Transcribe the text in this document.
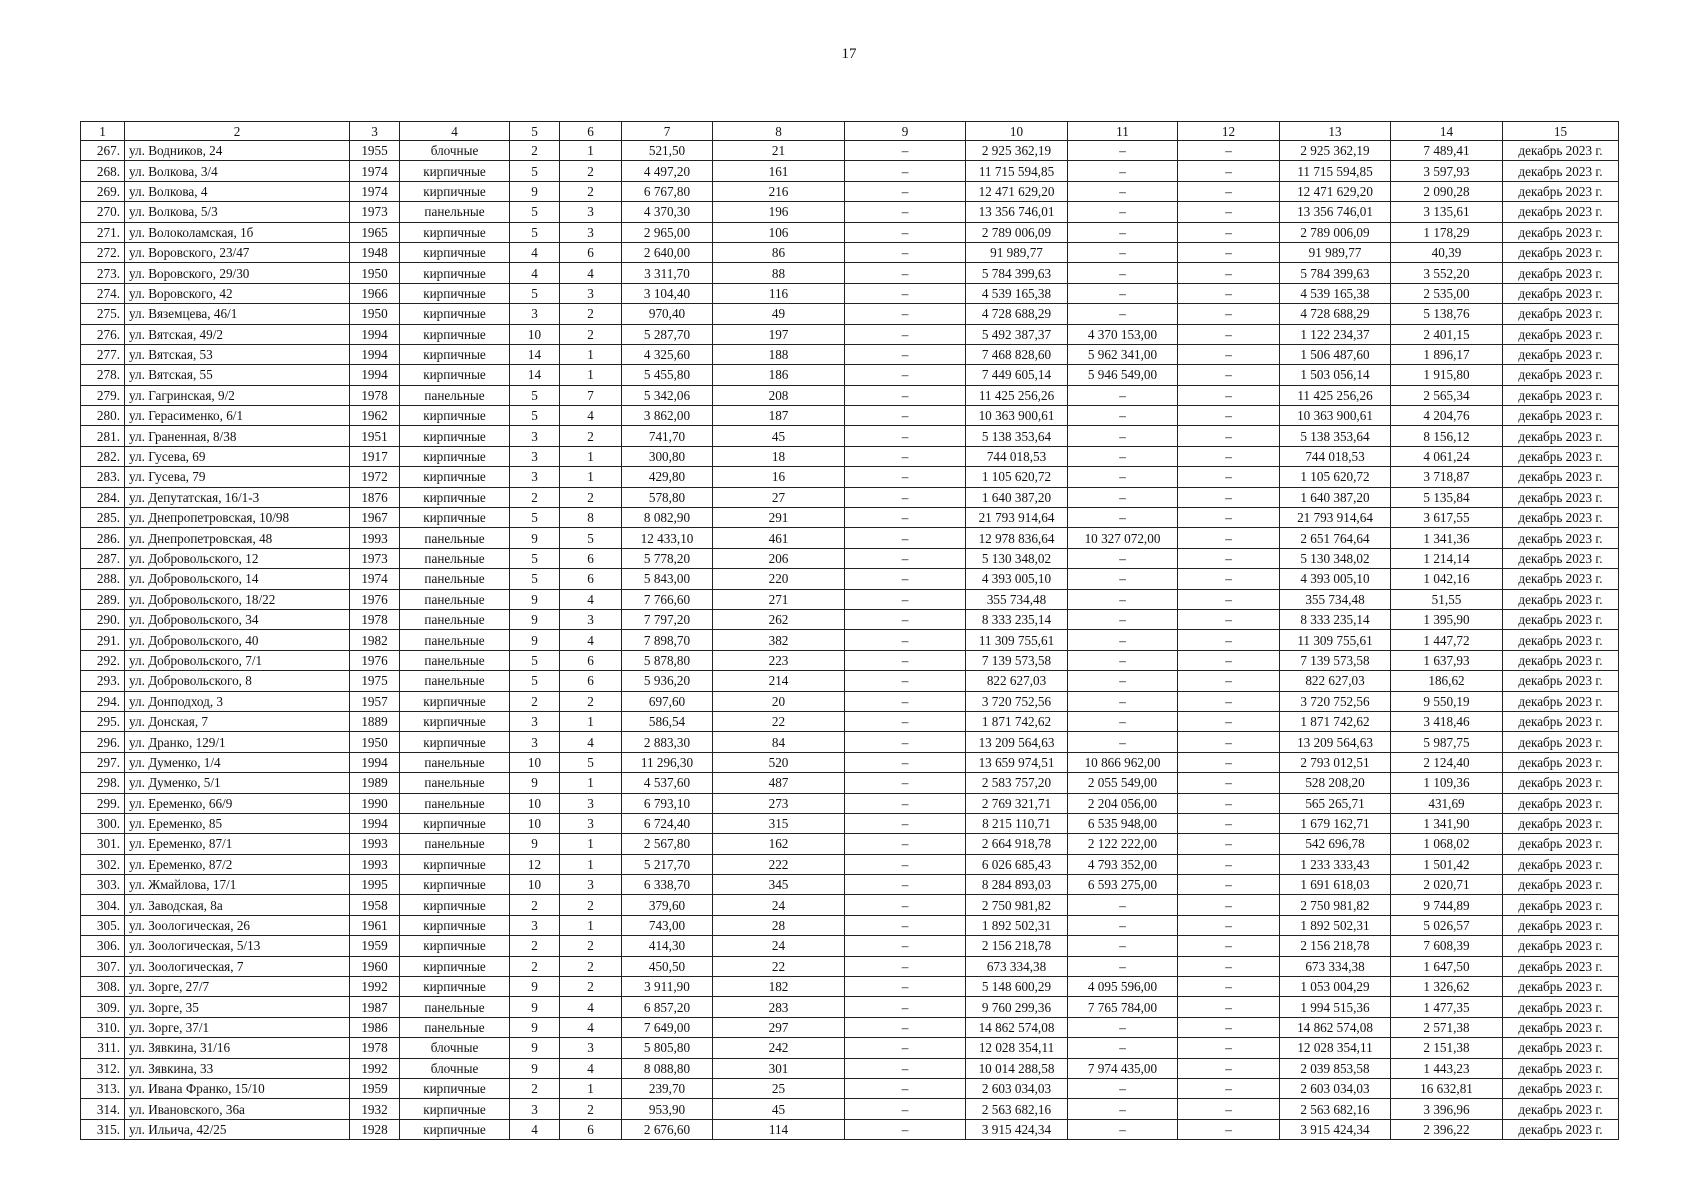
17
1	2	3	4	5	6	7	8	9	10	11	12	13	14	15
267.	ул. Водников, 24	1955	блочные	2	1	521,50	21	–	2 925 362,19	–	–	2 925 362,19	7 489,41	декабрь 2023 г.
268.	ул. Волкова, 3/4	1974	кирпичные	5	2	4 497,20	161	–	11 715 594,85	–	–	11 715 594,85	3 597,93	декабрь 2023 г.
269.	ул. Волкова, 4	1974	кирпичные	9	2	6 767,80	216	–	12 471 629,20	–	–	12 471 629,20	2 090,28	декабрь 2023 г.
270.	ул. Волкова, 5/3	1973	панельные	5	3	4 370,30	196	–	13 356 746,01	–	–	13 356 746,01	3 135,61	декабрь 2023 г.
271.	ул. Волоколамская, 1б	1965	кирпичные	5	3	2 965,00	106	–	2 789 006,09	–	–	2 789 006,09	1 178,29	декабрь 2023 г.
272.	ул. Воровского, 23/47	1948	кирпичные	4	6	2 640,00	86	–	91 989,77	–	–	91 989,77	40,39	декабрь 2023 г.
273.	ул. Воровского, 29/30	1950	кирпичные	4	4	3 311,70	88	–	5 784 399,63	–	–	5 784 399,63	3 552,20	декабрь 2023 г.
274.	ул. Воровского, 42	1966	кирпичные	5	3	3 104,40	116	–	4 539 165,38	–	–	4 539 165,38	2 535,00	декабрь 2023 г.
275.	ул. Вяземцева, 46/1	1950	кирпичные	3	2	970,40	49	–	4 728 688,29	–	–	4 728 688,29	5 138,76	декабрь 2023 г.
276.	ул. Вятская, 49/2	1994	кирпичные	10	2	5 287,70	197	–	5 492 387,37	4 370 153,00	–	1 122 234,37	2 401,15	декабрь 2023 г.
277.	ул. Вятская, 53	1994	кирпичные	14	1	4 325,60	188	–	7 468 828,60	5 962 341,00	–	1 506 487,60	1 896,17	декабрь 2023 г.
278.	ул. Вятская, 55	1994	кирпичные	14	1	5 455,80	186	–	7 449 605,14	5 946 549,00	–	1 503 056,14	1 915,80	декабрь 2023 г.
279.	ул. Гагринская, 9/2	1978	панельные	5	7	5 342,06	208	–	11 425 256,26	–	–	11 425 256,26	2 565,34	декабрь 2023 г.
280.	ул. Герасименко, 6/1	1962	кирпичные	5	4	3 862,00	187	–	10 363 900,61	–	–	10 363 900,61	4 204,76	декабрь 2023 г.
281.	ул. Граненная, 8/38	1951	кирпичные	3	2	741,70	45	–	5 138 353,64	–	–	5 138 353,64	8 156,12	декабрь 2023 г.
282.	ул. Гусева, 69	1917	кирпичные	3	1	300,80	18	–	744 018,53	–	–	744 018,53	4 061,24	декабрь 2023 г.
283.	ул. Гусева, 79	1972	кирпичные	3	1	429,80	16	–	1 105 620,72	–	–	1 105 620,72	3 718,87	декабрь 2023 г.
284.	ул. Депутатская, 16/1-3	1876	кирпичные	2	2	578,80	27	–	1 640 387,20	–	–	1 640 387,20	5 135,84	декабрь 2023 г.
285.	ул. Днепропетровская, 10/98	1967	кирпичные	5	8	8 082,90	291	–	21 793 914,64	–	–	21 793 914,64	3 617,55	декабрь 2023 г.
286.	ул. Днепропетровская, 48	1993	панельные	9	5	12 433,10	461	–	12 978 836,64	10 327 072,00	–	2 651 764,64	1 341,36	декабрь 2023 г.
287.	ул. Добровольского, 12	1973	панельные	5	6	5 778,20	206	–	5 130 348,02	–	–	5 130 348,02	1 214,14	декабрь 2023 г.
288.	ул. Добровольского, 14	1974	панельные	5	6	5 843,00	220	–	4 393 005,10	–	–	4 393 005,10	1 042,16	декабрь 2023 г.
289.	ул. Добровольского, 18/22	1976	панельные	9	4	7 766,60	271	–	355 734,48	–	–	355 734,48	51,55	декабрь 2023 г.
290.	ул. Добровольского, 34	1978	панельные	9	3	7 797,20	262	–	8 333 235,14	–	–	8 333 235,14	1 395,90	декабрь 2023 г.
291.	ул. Добровольского, 40	1982	панельные	9	4	7 898,70	382	–	11 309 755,61	–	–	11 309 755,61	1 447,72	декабрь 2023 г.
292.	ул. Добровольского, 7/1	1976	панельные	5	6	5 878,80	223	–	7 139 573,58	–	–	7 139 573,58	1 637,93	декабрь 2023 г.
293.	ул. Добровольского, 8	1975	панельные	5	6	5 936,20	214	–	822 627,03	–	–	822 627,03	186,62	декабрь 2023 г.
294.	ул. Донподход, 3	1957	кирпичные	2	2	697,60	20	–	3 720 752,56	–	–	3 720 752,56	9 550,19	декабрь 2023 г.
295.	ул. Донская, 7	1889	кирпичные	3	1	586,54	22	–	1 871 742,62	–	–	1 871 742,62	3 418,46	декабрь 2023 г.
296.	ул. Дранко, 129/1	1950	кирпичные	3	4	2 883,30	84	–	13 209 564,63	–	–	13 209 564,63	5 987,75	декабрь 2023 г.
297.	ул. Думенко, 1/4	1994	панельные	10	5	11 296,30	520	–	13 659 974,51	10 866 962,00	–	2 793 012,51	2 124,40	декабрь 2023 г.
298.	ул. Думенко, 5/1	1989	панельные	9	1	4 537,60	487	–	2 583 757,20	2 055 549,00	–	528 208,20	1 109,36	декабрь 2023 г.
299.	ул. Еременко, 66/9	1990	панельные	10	3	6 793,10	273	–	2 769 321,71	2 204 056,00	–	565 265,71	431,69	декабрь 2023 г.
300.	ул. Еременко, 85	1994	кирпичные	10	3	6 724,40	315	–	8 215 110,71	6 535 948,00	–	1 679 162,71	1 341,90	декабрь 2023 г.
301.	ул. Еременко, 87/1	1993	панельные	9	1	2 567,80	162	–	2 664 918,78	2 122 222,00	–	542 696,78	1 068,02	декабрь 2023 г.
302.	ул. Еременко, 87/2	1993	кирпичные	12	1	5 217,70	222	–	6 026 685,43	4 793 352,00	–	1 233 333,43	1 501,42	декабрь 2023 г.
303.	ул. Жмайлова, 17/1	1995	кирпичные	10	3	6 338,70	345	–	8 284 893,03	6 593 275,00	–	1 691 618,03	2 020,71	декабрь 2023 г.
304.	ул. Заводская, 8а	1958	кирпичные	2	2	379,60	24	–	2 750 981,82	–	–	2 750 981,82	9 744,89	декабрь 2023 г.
305.	ул. Зоологическая, 26	1961	кирпичные	3	1	743,00	28	–	1 892 502,31	–	–	1 892 502,31	5 026,57	декабрь 2023 г.
306.	ул. Зоологическая, 5/13	1959	кирпичные	2	2	414,30	24	–	2 156 218,78	–	–	2 156 218,78	7 608,39	декабрь 2023 г.
307.	ул. Зоологическая, 7	1960	кирпичные	2	2	450,50	22	–	673 334,38	–	–	673 334,38	1 647,50	декабрь 2023 г.
308.	ул. Зорге, 27/7	1992	кирпичные	9	2	3 911,90	182	–	5 148 600,29	4 095 596,00	–	1 053 004,29	1 326,62	декабрь 2023 г.
309.	ул. Зорге, 35	1987	панельные	9	4	6 857,20	283	–	9 760 299,36	7 765 784,00	–	1 994 515,36	1 477,35	декабрь 2023 г.
310.	ул. Зорге, 37/1	1986	панельные	9	4	7 649,00	297	–	14 862 574,08	–	–	14 862 574,08	2 571,38	декабрь 2023 г.
311.	ул. Зявкина, 31/16	1978	блочные	9	3	5 805,80	242	–	12 028 354,11	–	–	12 028 354,11	2 151,38	декабрь 2023 г.
312.	ул. Зявкина, 33	1992	блочные	9	4	8 088,80	301	–	10 014 288,58	7 974 435,00	–	2 039 853,58	1 443,23	декабрь 2023 г.
313.	ул. Ивана Франко, 15/10	1959	кирпичные	2	1	239,70	25	–	2 603 034,03	–	–	2 603 034,03	16 632,81	декабрь 2023 г.
314.	ул. Ивановского, 36а	1932	кирпичные	3	2	953,90	45	–	2 563 682,16	–	–	2 563 682,16	3 396,96	декабрь 2023 г.
315.	ул. Ильича, 42/25	1928	кирпичные	4	6	2 676,60	114	–	3 915 424,34	–	–	3 915 424,34	2 396,22	декабрь 2023 г.
